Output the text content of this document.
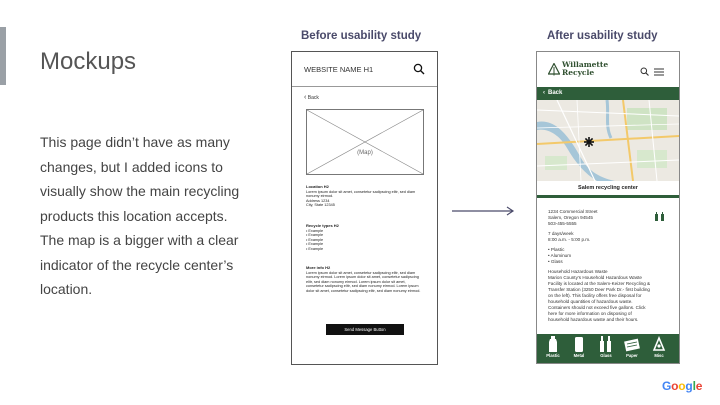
Mockups
This page didn’t have as many changes, but I added icons to visually show the main recycling products this location accepts. The map is a bigger with a clear indicator of the recycle center’s location.
Before usability study	After usability study
WEBSITE NAME H1
‹ Back
(Map)
Location H2
Lorem ipsum dolor sit amet, consetetur sadipscing elitr, sed diam nonumy eirmod.
Address 1234
City, State 12345
Recycle types H2
• Example
• Example
• Example
• Example
• Example
More info H2
Lorem ipsum dolor sit amet, consetetur sadipscing elitr, sed diam nonumy eirmod. Lorem ipsum dolor sit amet, consetetur sadipscing elitr, sed diam nonumy eirmod. Lorem ipsum dolor sit amet, consetetur sadipscing elitr, sed diam nonumy eirmod. Lorem ipsum dolor sit amet, consetetur sadipscing elitr, sed diam nonumy eirmod.
Send Message Button
Willamette
Recycle
‹ Back
Salem recycling center

1234 Commercial Street
Salem, Oregon 94545
503-455-5555

7 days/week
8:00 a.m. - 5:00 p.m.

• Plastic
• Aluminum
• Glass

Household Hazardous Waste
Marion County’s Household Hazardous Waste Facility is located at the Salem-Keizer Recycling & Transfer Station (3250 Deer Park Dr.- first building on the left). This facility offers free disposal for household quantities of hazardous waste. Containers should not exceed five gallons. Click here for more information on disposing of household hazardous waste and their hours.

Plastic	Metal	Glass	Paper	Misc
Google
